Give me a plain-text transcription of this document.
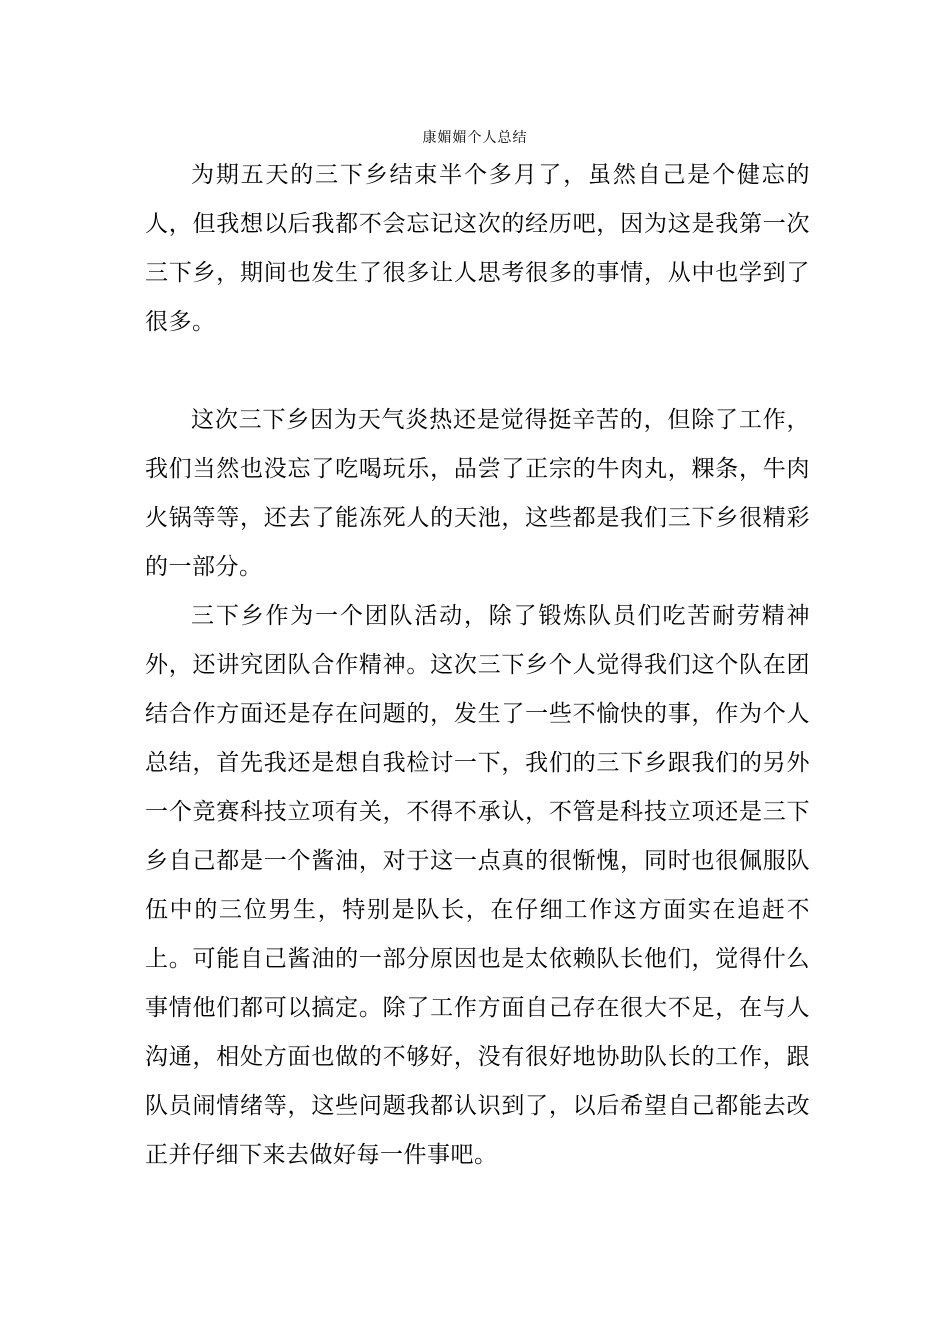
康媚媚个人总结

为期五天的三下乡结束半个多月了，虽然自己是个健忘的人，但我想以后我都不会忘记这次的经历吧，因为这是我第一次三下乡，期间也发生了很多让人思考很多的事情，从中也学到了很多。

这次三下乡因为天气炎热还是觉得挺辛苦的，但除了工作，我们当然也没忘了吃喝玩乐，品尝了正宗的牛肉丸，粿条，牛肉火锅等等，还去了能冻死人的天池，这些都是我们三下乡很精彩的一部分。

三下乡作为一个团队活动，除了锻炼队员们吃苦耐劳精神外，还讲究团队合作精神。这次三下乡个人觉得我们这个队在团结合作方面还是存在问题的，发生了一些不愉快的事，作为个人总结，首先我还是想自我检讨一下，我们的三下乡跟我们的另外一个竞赛科技立项有关，不得不承认，不管是科技立项还是三下乡自己都是一个酱油，对于这一点真的很惭愧，同时也很佩服队伍中的三位男生，特别是队长，在仔细工作这方面实在追赶不上。可能自己酱油的一部分原因也是太依赖队长他们，觉得什么事情他们都可以搞定。除了工作方面自己存在很大不足，在与人沟通，相处方面也做的不够好，没有很好地协助队长的工作，跟队员闹情绪等，这些问题我都认识到了，以后希望自己都能去改正并仔细下来去做好每一件事吧。
